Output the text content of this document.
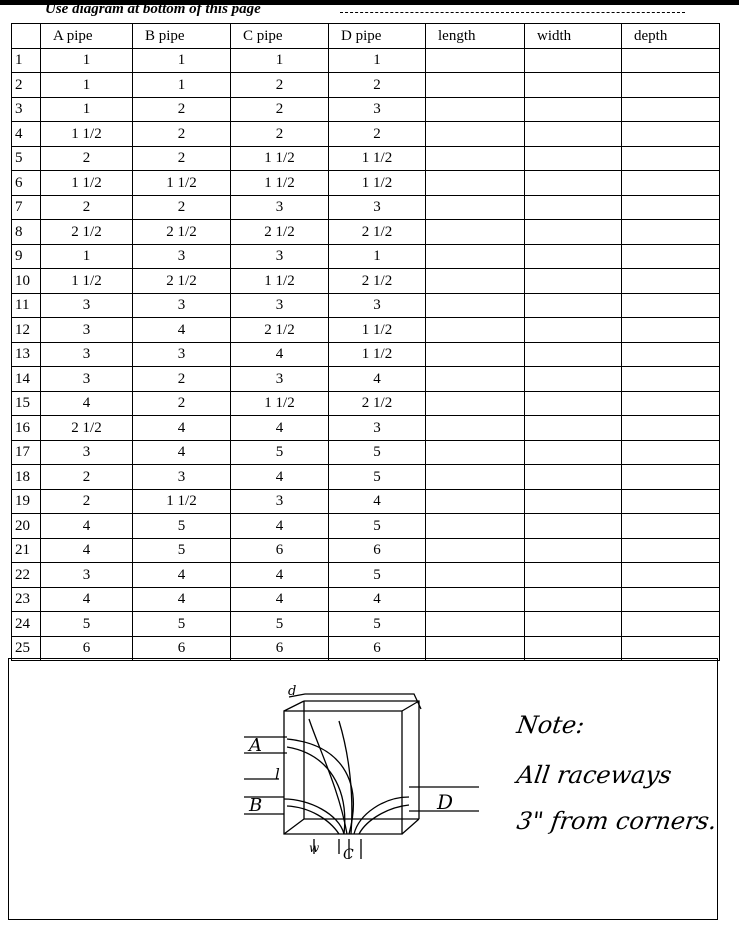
Use diagram at bottom of this page
	A pipe	B pipe	C pipe	D pipe	length	width	depth
1	1	1	1	1			
2	1	1	2	2			
3	1	2	2	3			
4	1 1/2	2	2	2			
5	2	2	1 1/2	1 1/2			
6	1 1/2	1 1/2	1 1/2	1 1/2			
7	2	2	3	3			
8	2 1/2	2 1/2	2 1/2	2 1/2			
9	1	3	3	1			
10	1 1/2	2 1/2	1 1/2	2 1/2			
11	3	3	3	3			
12	3	4	2 1/2	1 1/2			
13	3	3	4	1 1/2			
14	3	2	3	4			
15	4	2	1 1/2	2 1/2			
16	2 1/2	4	4	3			
17	3	4	5	5			
18	2	3	4	5			
19	2	1 1/2	3	4			
20	4	5	4	5			
21	4	5	6	6			
22	3	4	4	5			
23	4	4	4	4			
24	5	5	5	5			
25	6	6	6	6			
d
A
l
B	D
w C
Note:
All raceways
3" from corners.
